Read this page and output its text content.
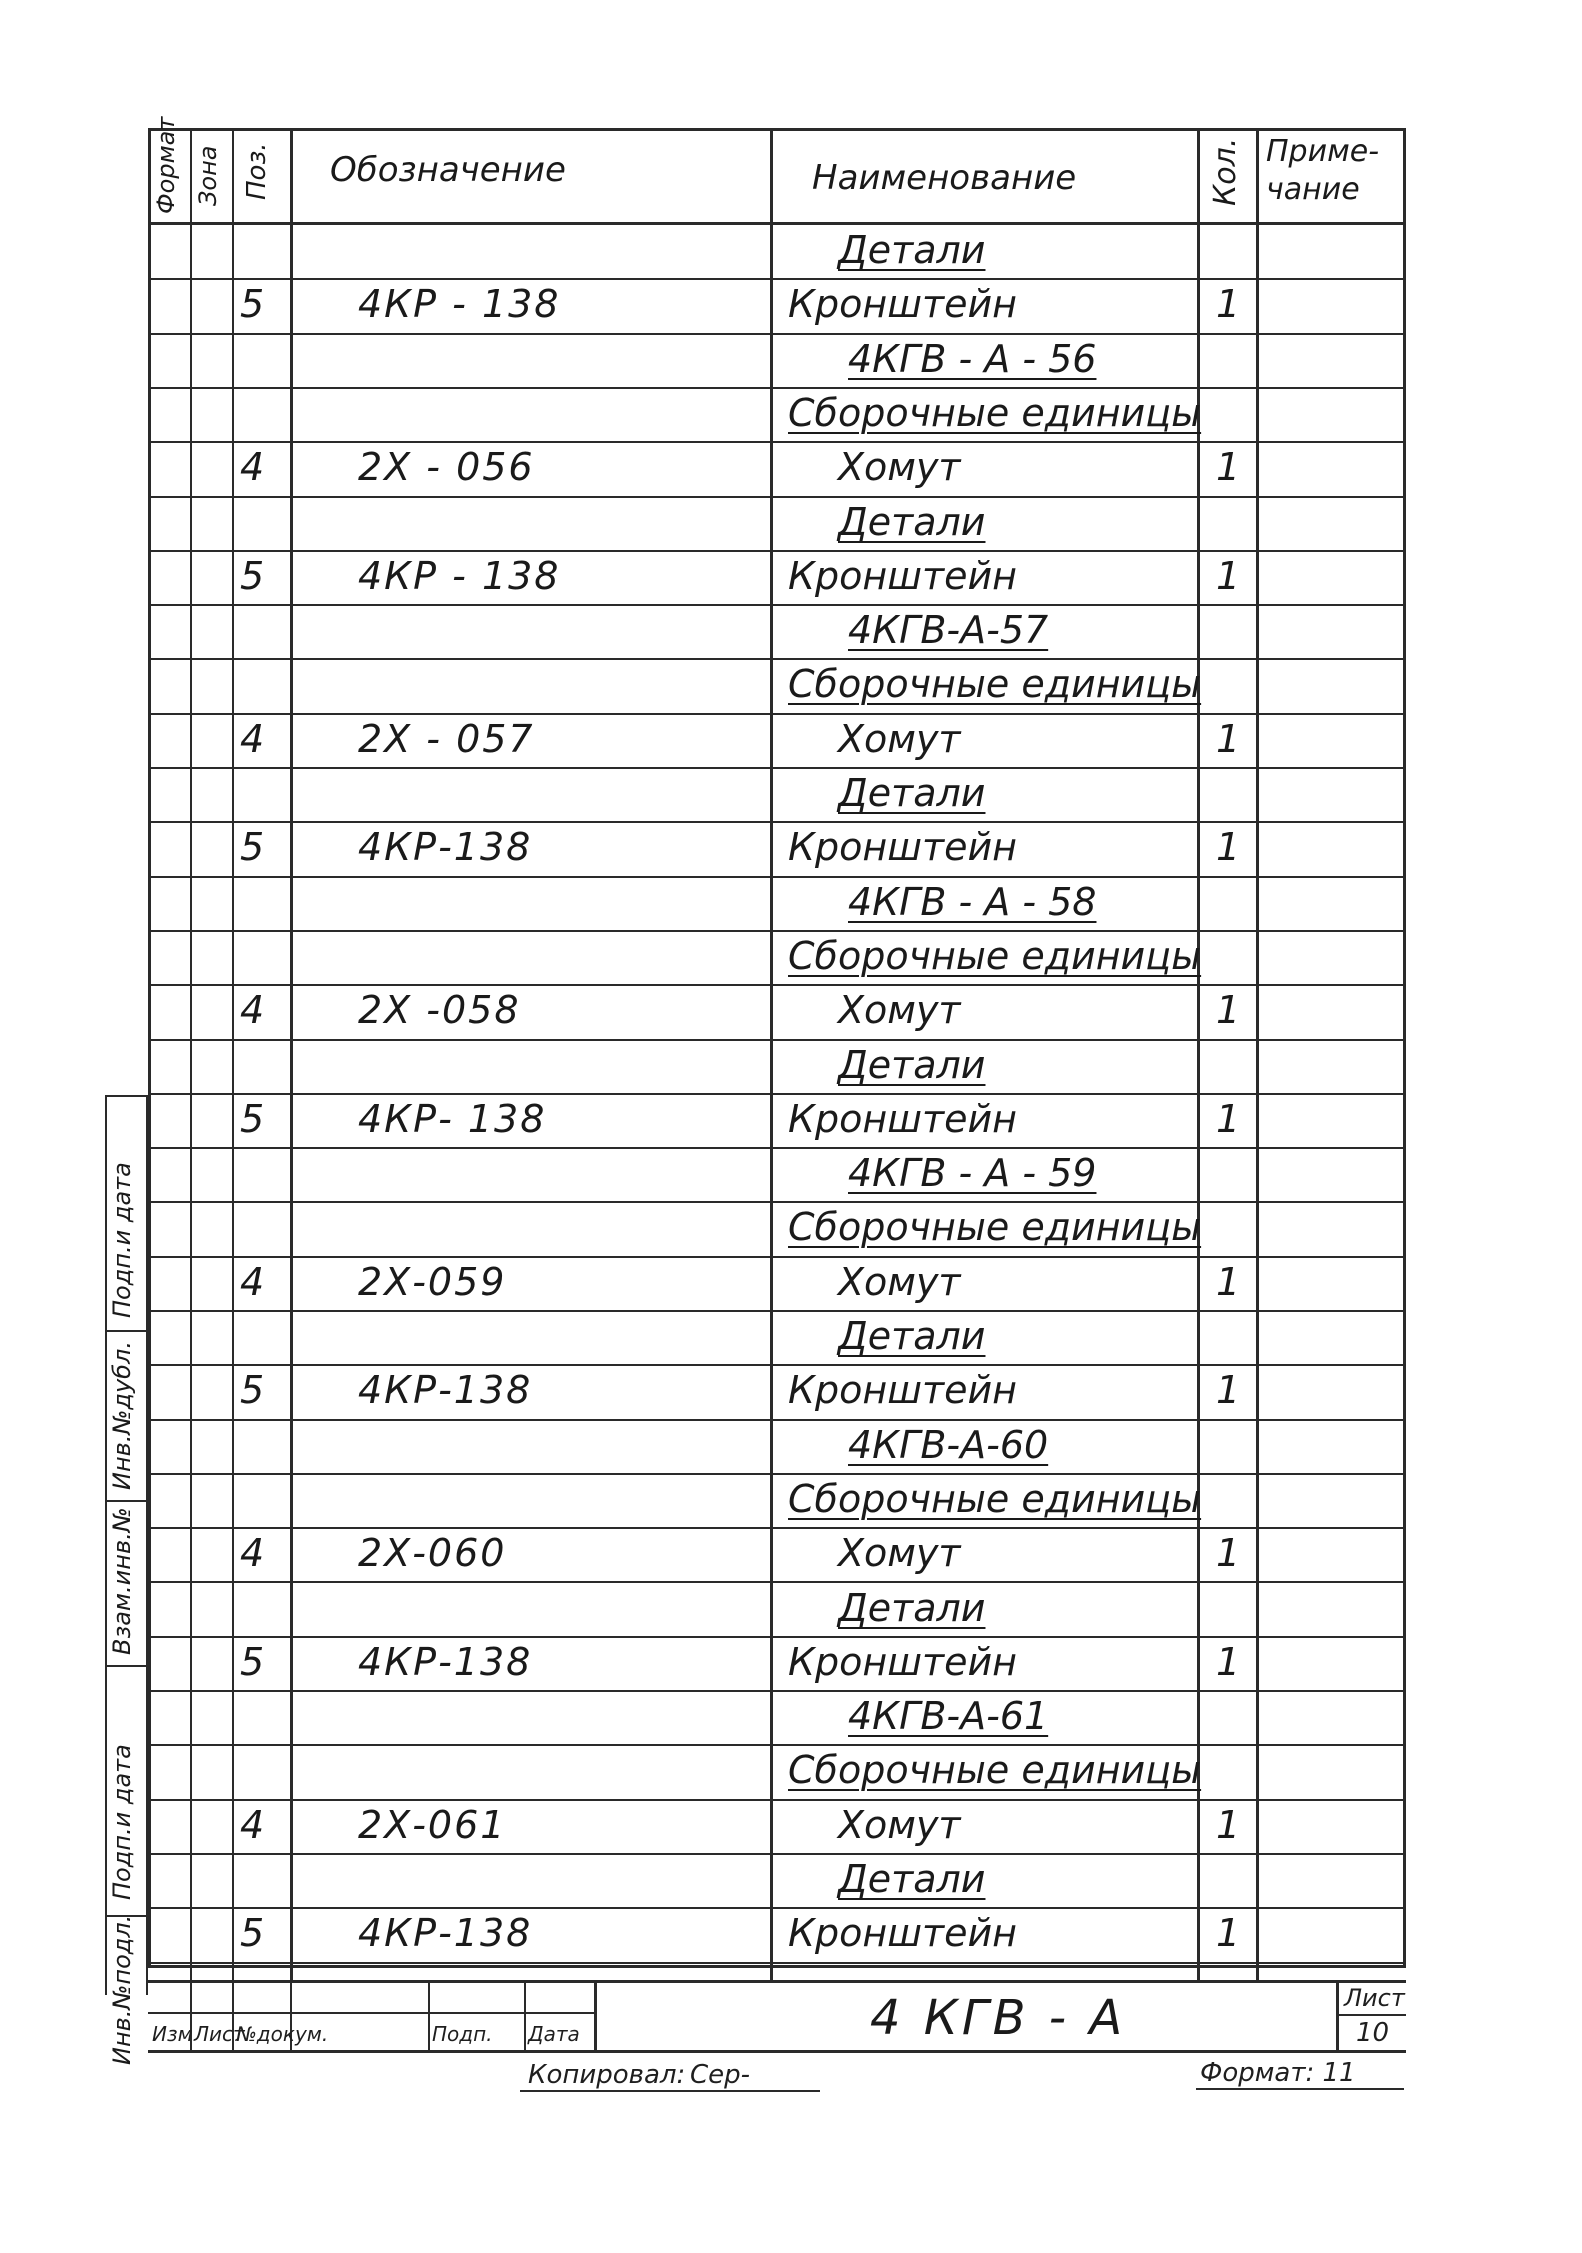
Формат Зона Поз. Обозначение	Наименование	Кол. Приме-
чание
Детали
5 4КР - 138	Кронштейн	1
4КГВ - А - 56
Сборочные единицы
4 2Х - 056	Хомут	1
Детали
5 4КР - 138	Кронштейн	1
4КГВ-А-57
Сборочные единицы
4 2Х - 057	Хомут	1
Детали
5 4КР-138	Кронштейн	1
4КГВ - А - 58
Сборочные единицы
4 2Х -058	Хомут	1
Детали
5 4КР- 138	Кронштейн	1
4КГВ - А - 59
Сборочные единицы
4 2Х-059	Хомут	1
Детали
5 4КР-138	Кронштейн	1
4КГВ-А-60
Сборочные единицы
4 2Х-060	Хомут	1
Детали
5 4КР-138	Кронштейн	1
4КГВ-А-61
Сборочные единицы
4 2Х-061	Хомут	1
Детали
5 4КР-138	Кронштейн	1
Подп.и дата
Инв.№дубл.
Взам.инв.№
Подп.и дата
Инв.№подл. Изм Лист
№докум.	Подп. Дата	4 КГВ - А	Лист
10
Копировал: Сер-	Формат: 11
